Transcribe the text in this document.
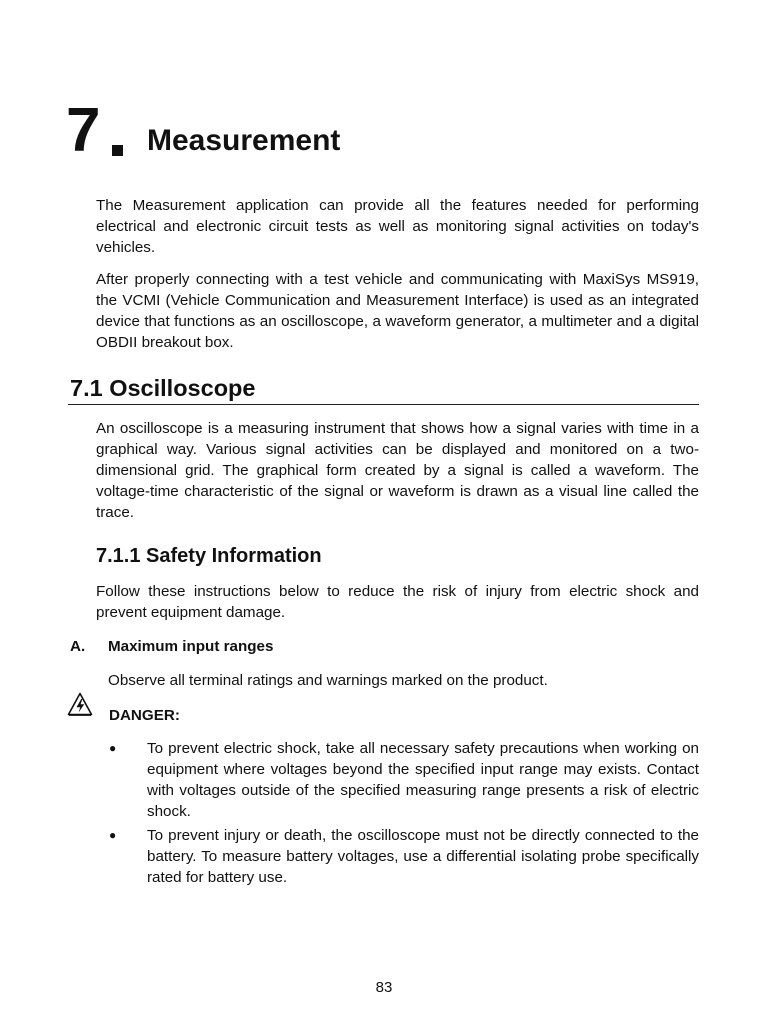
7 Measurement
The Measurement application can provide all the features needed for performing electrical and electronic circuit tests as well as monitoring signal activities on today's vehicles.
After properly connecting with a test vehicle and communicating with MaxiSys MS919, the VCMI (Vehicle Communication and Measurement Interface) is used as an integrated device that functions as an oscilloscope, a waveform generator, a multimeter and a digital OBDII breakout box.
7.1 Oscilloscope
An oscilloscope is a measuring instrument that shows how a signal varies with time in a graphical way. Various signal activities can be displayed and monitored on a two-dimensional grid. The graphical form created by a signal is called a waveform. The voltage-time characteristic of the signal or waveform is drawn as a visual line called the trace.
7.1.1 Safety Information
Follow these instructions below to reduce the risk of injury from electric shock and prevent equipment damage.
A. Maximum input ranges
Observe all terminal ratings and warnings marked on the product.
DANGER:
● To prevent electric shock, take all necessary safety precautions when working on equipment where voltages beyond the specified input range may exists. Contact with voltages outside of the specified measuring range presents a risk of electric shock.
● To prevent injury or death, the oscilloscope must not be directly connected to the battery. To measure battery voltages, use a differential isolating probe specifically rated for battery use.
83
